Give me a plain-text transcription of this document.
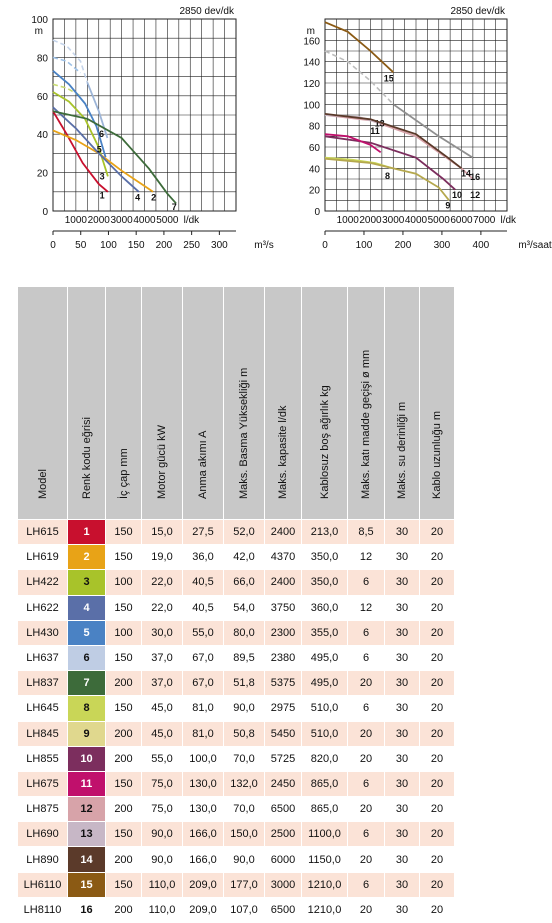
0
20
40
60
80
100
m
2850 dev/dk
1000 2000 3000 4000 5000 l/dk
0 50 100 150 200 250 300	m³/s
1	2
3
4
5
6
7	0
20
40
60
80
100
120
140
160
m
2850 dev/dk
1000 2000 3000 4000 5000 6000 7000 l/dk
0	100 200 300 400	m³/saat
8
9
10
11
12
13
14
15
16
Model	Renk kodu eğrisi	İç çap mm	Motor gücü kW	Anma akımı A	Maks. Basma Yüksekliği m	Maks. kapasite l/dk	Kablosuz boş ağırlık kg	Maks. katı madde geçişi ø mm	Maks. su derinliği m	Kablo uzunluğu m

LH615	1	150	15,0	27,5	52,0	2400	213,0	8,5	30	20
LH619	2	150	19,0	36,0	42,0	4370	350,0	12	30	20
LH422	3	100	22,0	40,5	66,0	2400	350,0	6	30	20
LH622	4	150	22,0	40,5	54,0	3750	360,0	12	30	20
LH430	5	100	30,0	55,0	80,0	2300	355,0	6	30	20
LH637	6	150	37,0	67,0	89,5	2380	495,0	6	30	20
LH837	7	200	37,0	67,0	51,8	5375	495,0	20	30	20
LH645	8	150	45,0	81,0	90,0	2975	510,0	6	30	20
LH845	9	200	45,0	81,0	50,8	5450	510,0	20	30	20
LH855	10	200	55,0	100,0	70,0	5725	820,0	20	30	20
LH675	11	150	75,0	130,0	132,0	2450	865,0	6	30	20
LH875	12	200	75,0	130,0	70,0	6500	865,0	20	30	20
LH690	13	150	90,0	166,0	150,0	2500	1100,0	6	30	20
LH890	14	200	90,0	166,0	90,0	6000	1150,0	20	30	20
LH6110	15	150	110,0	209,0	177,0	3000	1210,0	6	30	20
LH8110	16	200	110,0	209,0	107,0	6500	1210,0	20	30	20
